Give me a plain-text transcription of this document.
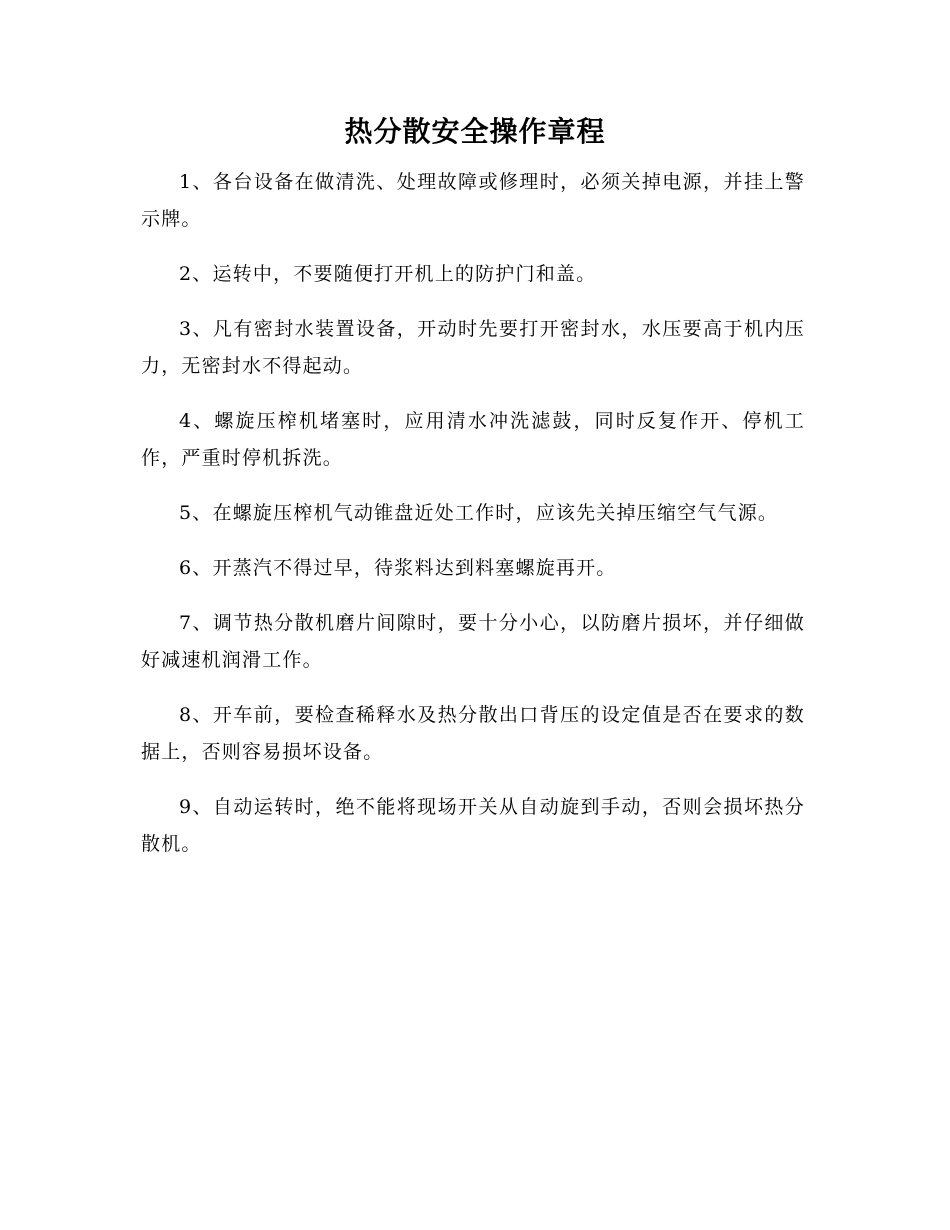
热分散安全操作章程

1、各台设备在做清洗、处理故障或修理时，必须关掉电源，并挂上警示牌。

2、运转中，不要随便打开机上的防护门和盖。

3、凡有密封水装置设备，开动时先要打开密封水，水压要高于机内压力，无密封水不得起动。

4、螺旋压榨机堵塞时，应用清水冲洗滤鼓，同时反复作开、停机工作，严重时停机拆洗。

5、在螺旋压榨机气动锥盘近处工作时，应该先关掉压缩空气气源。

6、开蒸汽不得过早，待浆料达到料塞螺旋再开。

7、调节热分散机磨片间隙时，要十分小心，以防磨片损坏，并仔细做好减速机润滑工作。

8、开车前，要检查稀释水及热分散出口背压的设定值是否在要求的数据上，否则容易损坏设备。

9、自动运转时，绝不能将现场开关从自动旋到手动，否则会损坏热分散机。
